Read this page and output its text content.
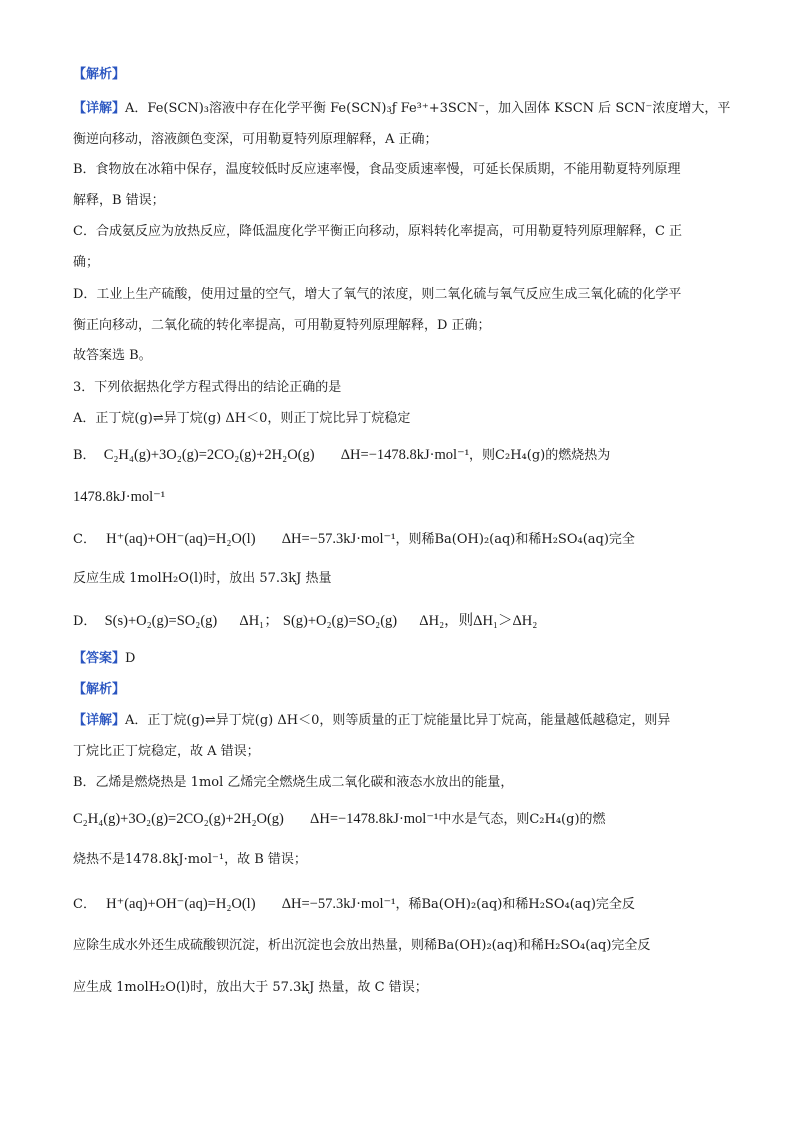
【解析】
【详解】A．Fe(SCN)₃溶液中存在化学平衡 Fe(SCN)₃ƒ Fe³⁺+3SCN⁻，加入固体 KSCN 后 SCN⁻浓度增大，平
衡逆向移动，溶液颜色变深，可用勒夏特列原理解释，A 正确；
B．食物放在冰箱中保存，温度较低时反应速率慢，食品变质速率慢，可延长保质期，不能用勒夏特列原理
解释，B 错误；
C．合成氨反应为放热反应，降低温度化学平衡正向移动，原料转化率提高，可用勒夏特列原理解释，C 正
确；
D．工业上生产硫酸，使用过量的空气，增大了氧气的浓度，则二氧化硫与氧气反应生成三氧化硫的化学平
衡正向移动，二氧化硫的转化率提高，可用勒夏特列原理解释，D 正确；
故答案选 B。
3．下列依据热化学方程式得出的结论正确的是
A．正丁烷(g)⇌异丁烷(g) ΔH＜0，则正丁烷比异丁烷稳定
B． C₂H₄(g)+3O₂(g)=2CO₂(g)+2H₂O(g) ΔH=−1478.8kJ·mol⁻¹，则C₂H₄(g)的燃烧热为
1478.8kJ·mol⁻¹
C． H⁺(aq)+OH⁻(aq)=H₂O(l) ΔH=−57.3kJ·mol⁻¹，则稀Ba(OH)₂(aq)和稀H₂SO₄(aq)完全
反应生成 1molH₂O(l)时，放出 57.3kJ 热量
D． S(s)+O₂(g)=SO₂(g) ΔH₁； S(g)+O₂(g)=SO₂(g) ΔH₂，则ΔH₁＞ΔH₂
【答案】D
【解析】
【详解】A．正丁烷(g)⇌异丁烷(g) ΔH＜0，则等质量的正丁烷能量比异丁烷高，能量越低越稳定，则异
丁烷比正丁烷稳定，故 A 错误；
B．乙烯是燃烧热是 1mol 乙烯完全燃烧生成二氧化碳和液态水放出的能量，
C₂H₄(g)+3O₂(g)=2CO₂(g)+2H₂O(g) ΔH=−1478.8kJ·mol⁻¹中水是气态，则C₂H₄(g)的燃
烧热不是1478.8kJ·mol⁻¹，故 B 错误；
C． H⁺(aq)+OH⁻(aq)=H₂O(l) ΔH=−57.3kJ·mol⁻¹，稀Ba(OH)₂(aq)和稀H₂SO₄(aq)完全反
应除生成水外还生成硫酸钡沉淀，析出沉淀也会放出热量，则稀Ba(OH)₂(aq)和稀H₂SO₄(aq)完全反
应生成 1molH₂O(l)时，放出大于 57.3kJ 热量，故 C 错误；
